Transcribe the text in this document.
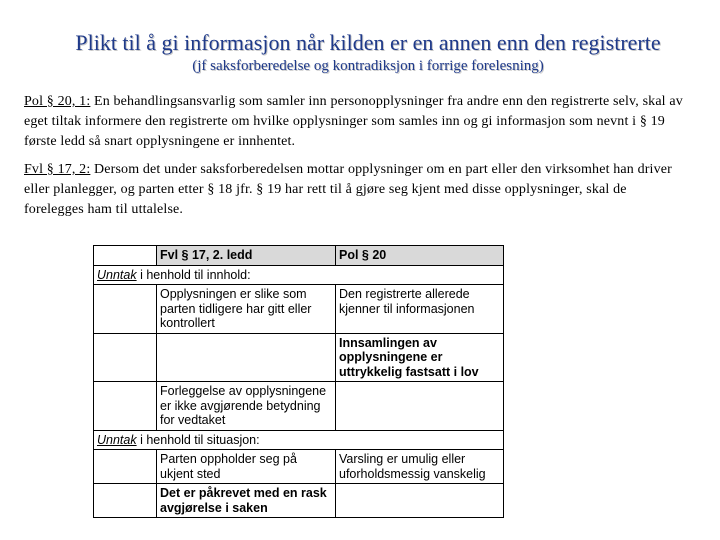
Plikt til å gi informasjon når kilden er en annen enn den registrerte
(jf saksforberedelse og kontradiksjon i forrige forelesning)
Pol § 20, 1: En behandlingsansvarlig som samler inn personopplysninger fra andre enn den registrerte selv, skal av eget tiltak informere den registrerte om hvilke opplysninger som samles inn og gi informasjon som nevnt i § 19 første ledd så snart opplysningene er innhentet.
Fvl § 17, 2: Dersom det under saksforberedelsen mottar opplysninger om en part eller den virksomhet han driver eller planlegger, og parten etter § 18 jfr. § 19 har rett til å gjøre seg kjent med disse opplysninger, skal de forelegges ham til uttalelse.
	Fvl § 17, 2. ledd	Pol § 20
Unntak i henhold til innhold:		
	Opplysningen er slike som parten tidligere har gitt eller kontrollert	Den registrerte allerede kjenner til informasjonen
		Innsamlingen av opplysningene er uttrykkelig fastsatt i lov
	Forleggelse av opplysningene er ikke avgjørende betydning for vedtaket	
Unntak i henhold til situasjon:		
	Parten oppholder seg på ukjent sted	Varsling er umulig eller uforholdsmessig vanskelig
	Det er påkrevet med en rask avgjørelse i saken	
